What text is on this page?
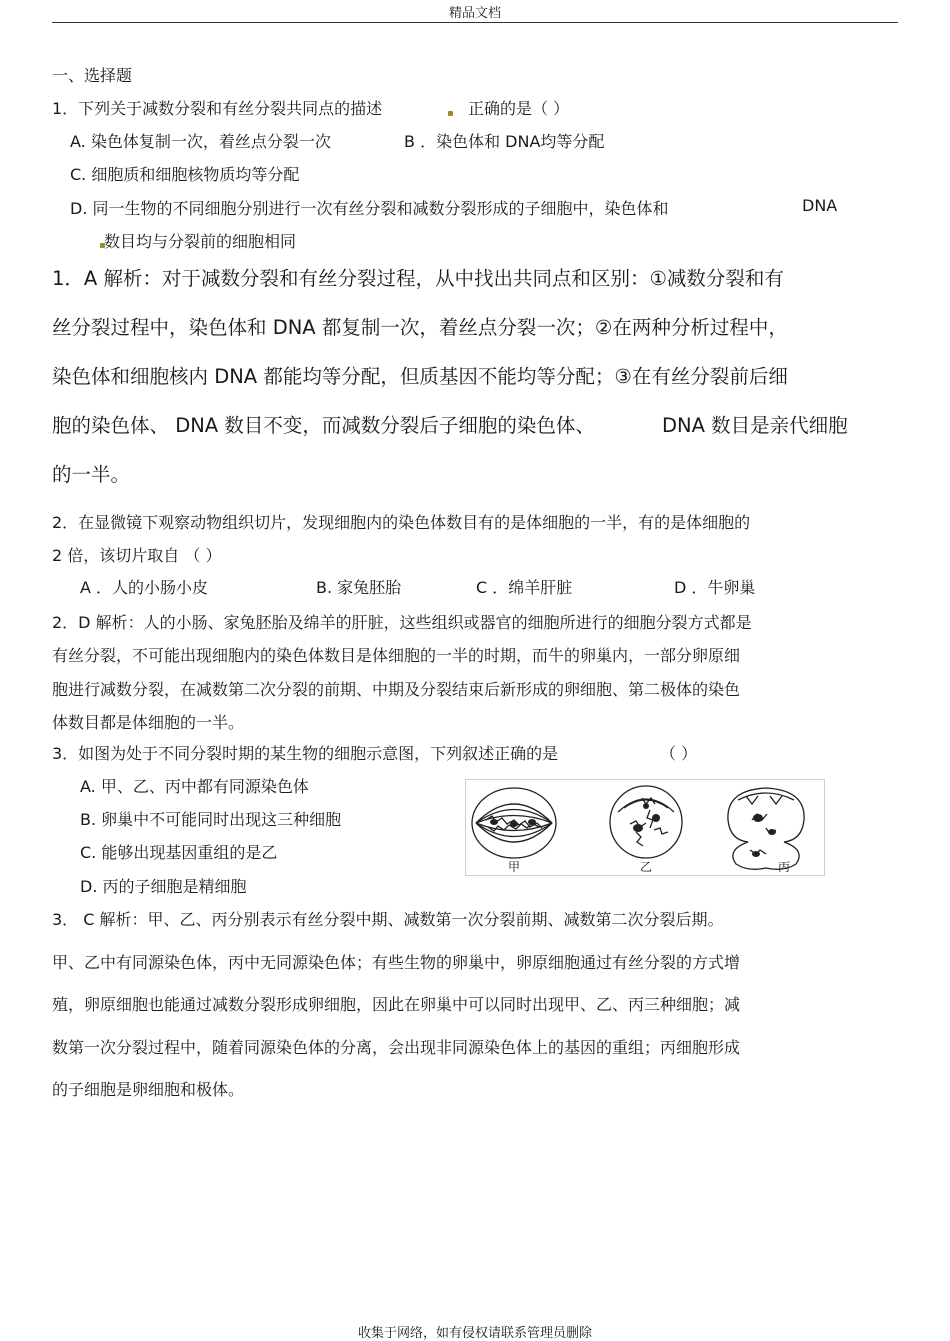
精品文档
一、选择题
1．下列关于减数分裂和有丝分裂共同点的描述	正确的是（ ）
A. 染色体复制一次，着丝点分裂一次	B ．染色体和 DNA均等分配
C. 细胞质和细胞核物质均等分配
D. 同一生物的不同细胞分别进行一次有丝分裂和减数分裂形成的子细胞中，染色体和	DNA
数目均与分裂前的细胞相同
1．A 解析：对于减数分裂和有丝分裂过程，从中找出共同点和区别：①减数分裂和有
丝分裂过程中，染色体和 DNA 都复制一次，着丝点分裂一次；②在两种分析过程中，
染色体和细胞核内 DNA 都能均等分配，但质基因不能均等分配；③在有丝分裂前后细
胞的染色体、 DNA 数目不变，而减数分裂后子细胞的染色体、	DNA 数目是亲代细胞
的一半。
2．在显微镜下观察动物组织切片，发现细胞内的染色体数目有的是体细胞的一半，有的是体细胞的
2 倍，该切片取自 （ ）
A ．人的小肠小皮	B. 家兔胚胎	C ．绵羊肝脏	D ．牛卵巢
2．D 解析：人的小肠、家兔胚胎及绵羊的肝脏，这些组织或器官的细胞所进行的细胞分裂方式都是
有丝分裂，不可能出现细胞内的染色体数目是体细胞的一半的时期，而牛的卵巢内，一部分卵原细
胞进行减数分裂，在减数第二次分裂的前期、中期及分裂结束后新形成的卵细胞、第二极体的染色
体数目都是体细胞的一半。
3．如图为处于不同分裂时期的某生物的细胞示意图，下列叙述正确的是	（ ）
A. 甲、乙、丙中都有同源染色体
B. 卵巢中不可能同时出现这三种细胞
C. 能够出现基因重组的是乙
D. 丙的子细胞是精细胞
甲	乙	丙
3． C 解析：甲、乙、丙分别表示有丝分裂中期、减数第一次分裂前期、减数第二次分裂后期。
甲、乙中有同源染色体，丙中无同源染色体；有些生物的卵巢中，卵原细胞通过有丝分裂的方式增
殖，卵原细胞也能通过减数分裂形成卵细胞，因此在卵巢中可以同时出现甲、乙、丙三种细胞；减
数第一次分裂过程中，随着同源染色体的分离，会出现非同源染色体上的基因的重组；丙细胞形成
的子细胞是卵细胞和极体。
收集于网络，如有侵权请联系管理员删除
